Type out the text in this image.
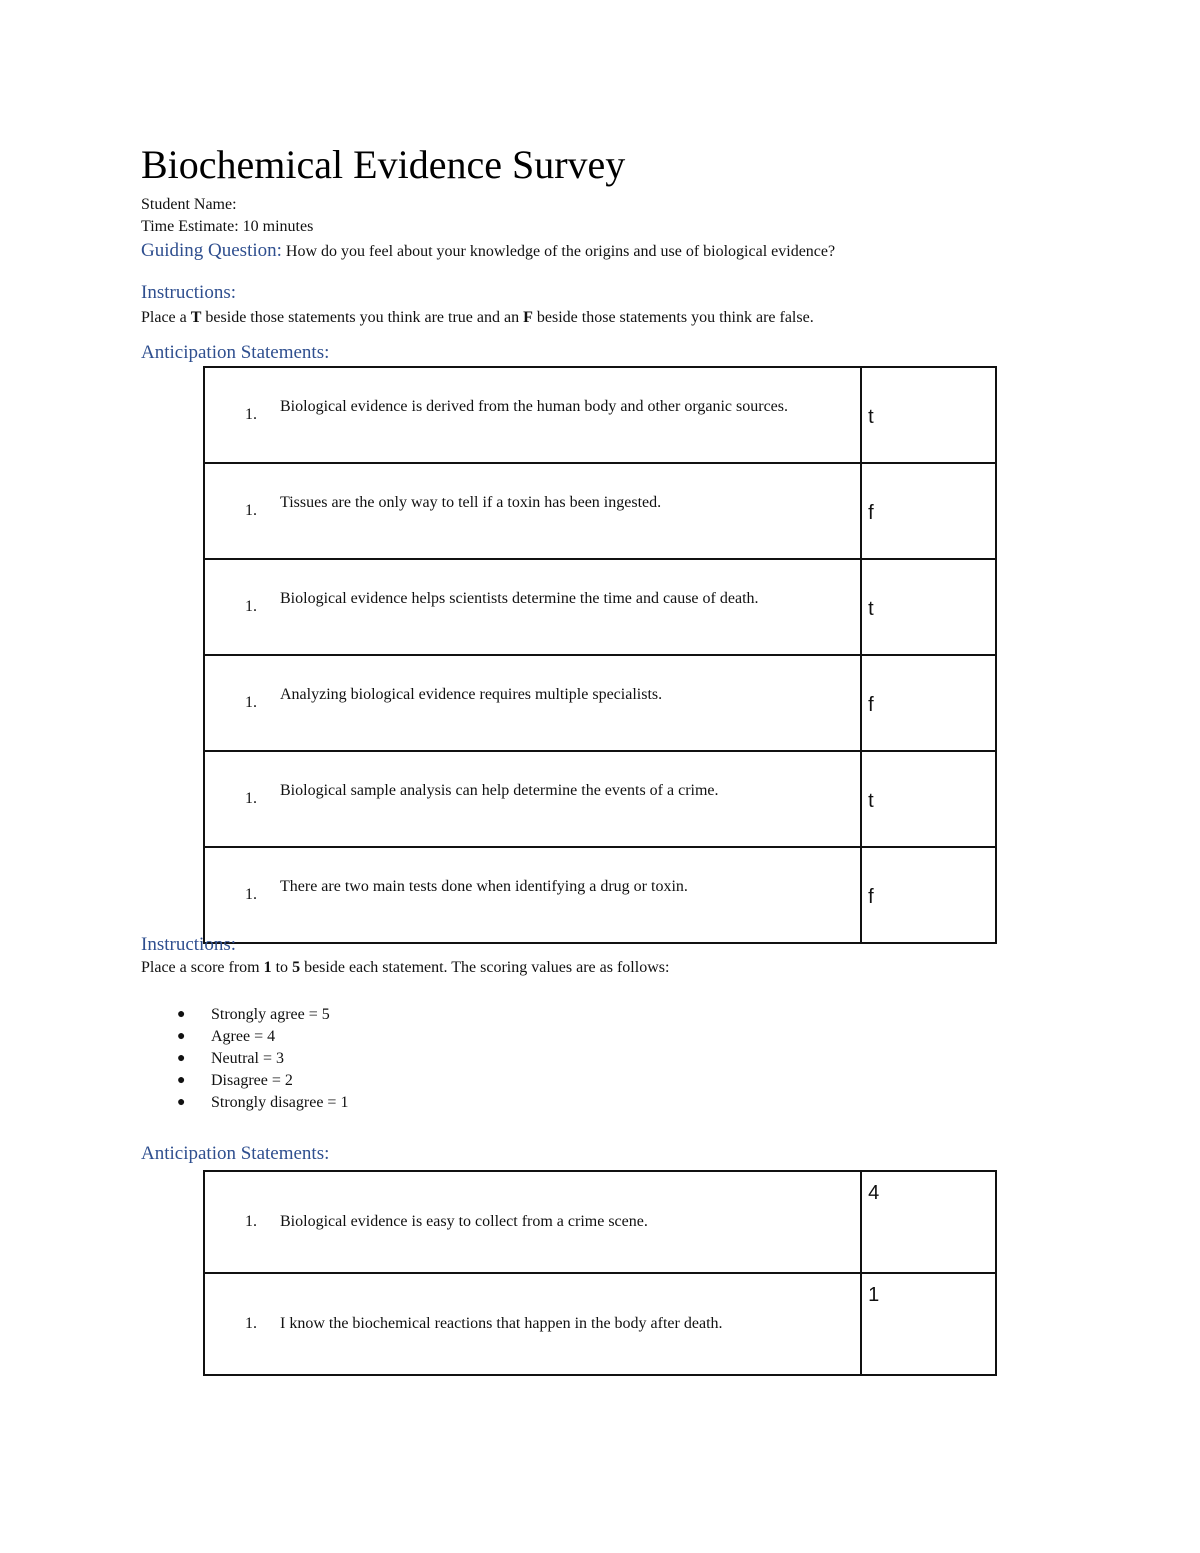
Biochemical Evidence Survey

Student Name:

Time Estimate: 10 minutes

Guiding Question: How do you feel about your knowledge of the origins and use of biological evidence?

Instructions:

Place a T beside those statements you think are true and an F beside those statements you think are false.

Anticipation Statements:

1. Biological evidence is derived from the human body and other organic sources.	t

1. Tissues are the only way to tell if a toxin has been ingested.	f

1. Biological evidence helps scientists determine the time and cause of death.	t

1. Analyzing biological evidence requires multiple specialists.	f

1. Biological sample analysis can help determine the events of a crime.	t

1. There are two main tests done when identifying a drug or toxin.	f

Instructions:

Place a score from 1 to 5 beside each statement. The scoring values are as follows:

● Strongly agree = 5
● Agree = 4
● Neutral = 3
● Disagree = 2
● Strongly disagree = 1

Anticipation Statements:

1. Biological evidence is easy to collect from a crime scene.	4

1. I know the biochemical reactions that happen in the body after death.	1
